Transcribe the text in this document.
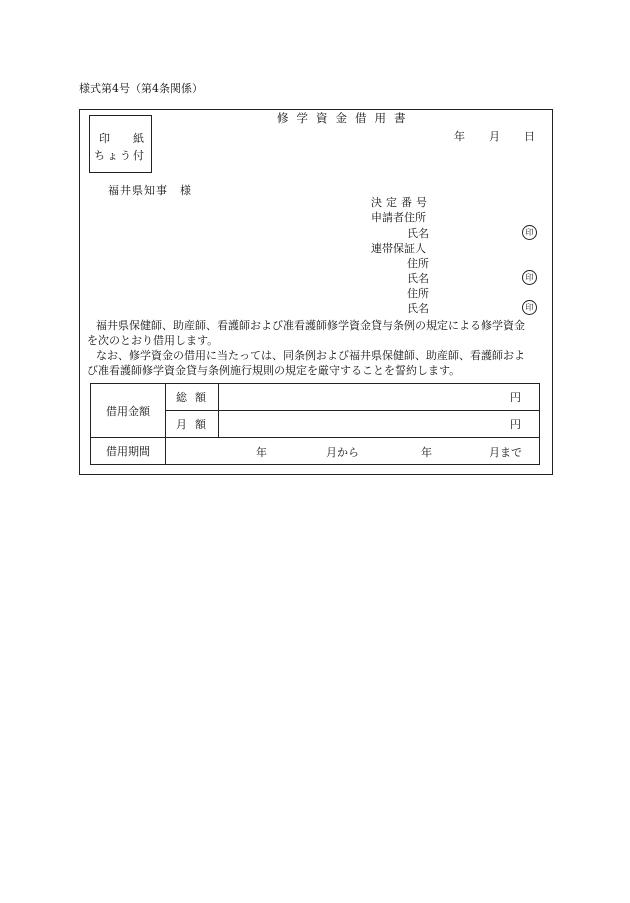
様式第4号（第4条関係）
印 紙
ちょう付
修学資金借用書
年 月 日
福井県知事　様
決定番号
申請者住所
氏名	印
連帯保証人
住所
氏名	印
住所
氏名	印
福井県保健師、助産師、看護師および准看護師修学資金貸与条例の規定による修学資金
を次のとおり借用します。
なお、修学資金の借用に当たっては、同条例および福井県保健師、助産師、看護師およ
び准看護師修学資金貸与条例施行規則の規定を厳守することを誓約します。
借用金額	総額	円
	月額	円
借用期間	年 月から 年 月まで	
